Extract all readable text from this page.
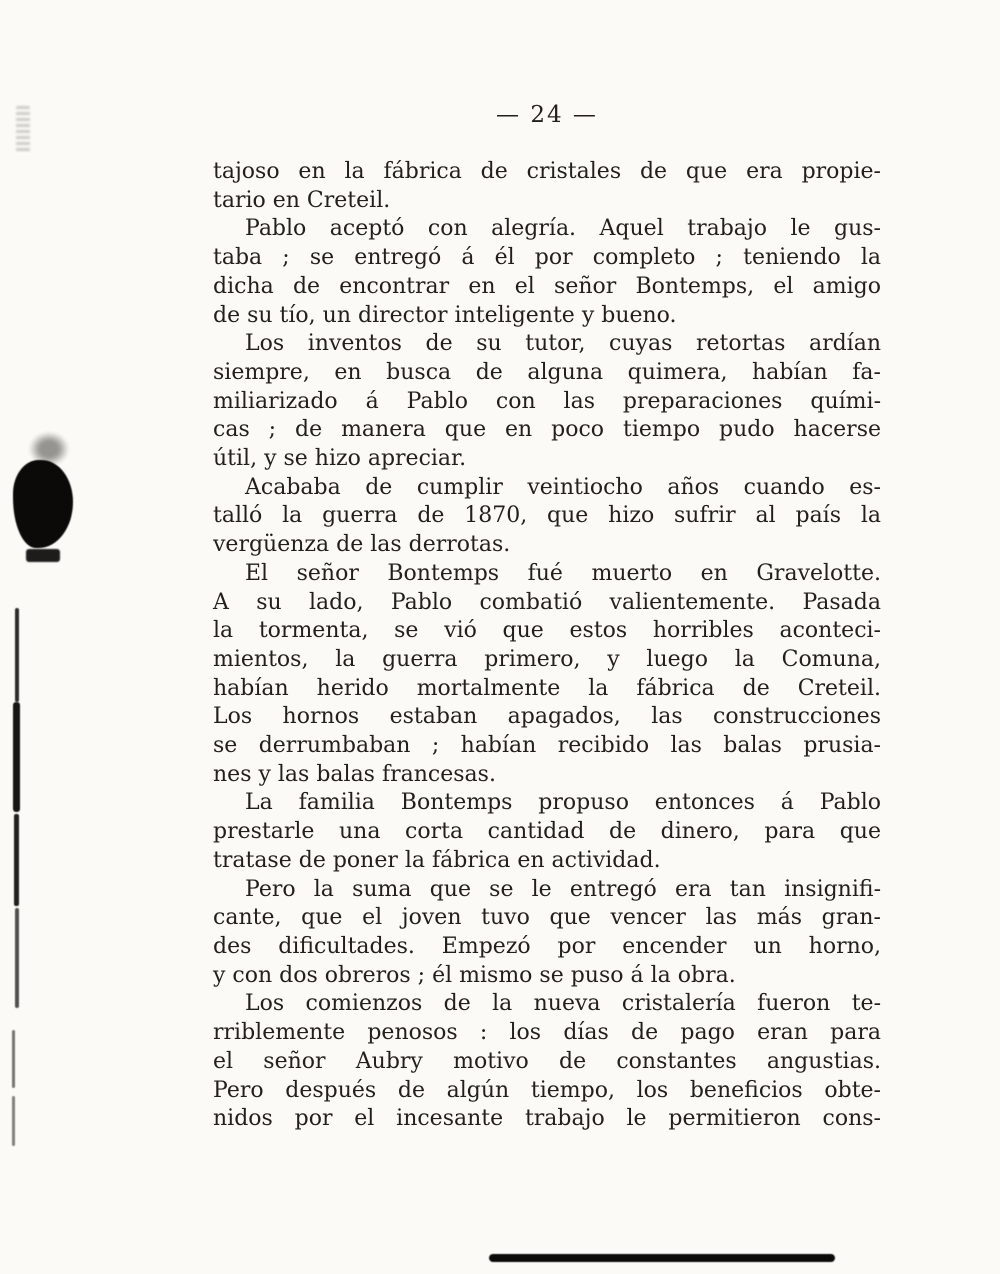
— 24 —
tajoso en la fábrica de cristales de que era propie-
tario en Creteil.
Pablo aceptó con alegría. Aquel trabajo le gus-
taba ; se entregó á él por completo ; teniendo la
dicha de encontrar en el señor Bontemps, el amigo
de su tío, un director inteligente y bueno.
Los inventos de su tutor, cuyas retortas ardían
siempre, en busca de alguna quimera, habían fa-
miliarizado á Pablo con las preparaciones quími-
cas ; de manera que en poco tiempo pudo hacerse
útil, y se hizo apreciar.
Acababa de cumplir veintiocho años cuando es-
talló la guerra de 1870, que hizo sufrir al país la
vergüenza de las derrotas.
El señor Bontemps fué muerto en Gravelotte.
A su lado, Pablo combatió valientemente. Pasada
la tormenta, se vió que estos horribles aconteci-
mientos, la guerra primero, y luego la Comuna,
habían herido mortalmente la fábrica de Creteil.
Los hornos estaban apagados, las construcciones
se derrumbaban ; habían recibido las balas prusia-
nes y las balas francesas.
La familia Bontemps propuso entonces á Pablo
prestarle una corta cantidad de dinero, para que
tratase de poner la fábrica en actividad.
Pero la suma que se le entregó era tan insignifi-
cante, que el joven tuvo que vencer las más gran-
des dificultades. Empezó por encender un horno,
y con dos obreros ; él mismo se puso á la obra.
Los comienzos de la nueva cristalería fueron te-
rriblemente penosos : los días de pago eran para
el señor Aubry motivo de constantes angustias.
Pero después de algún tiempo, los beneficios obte-
nidos por el incesante trabajo le permitieron cons-
